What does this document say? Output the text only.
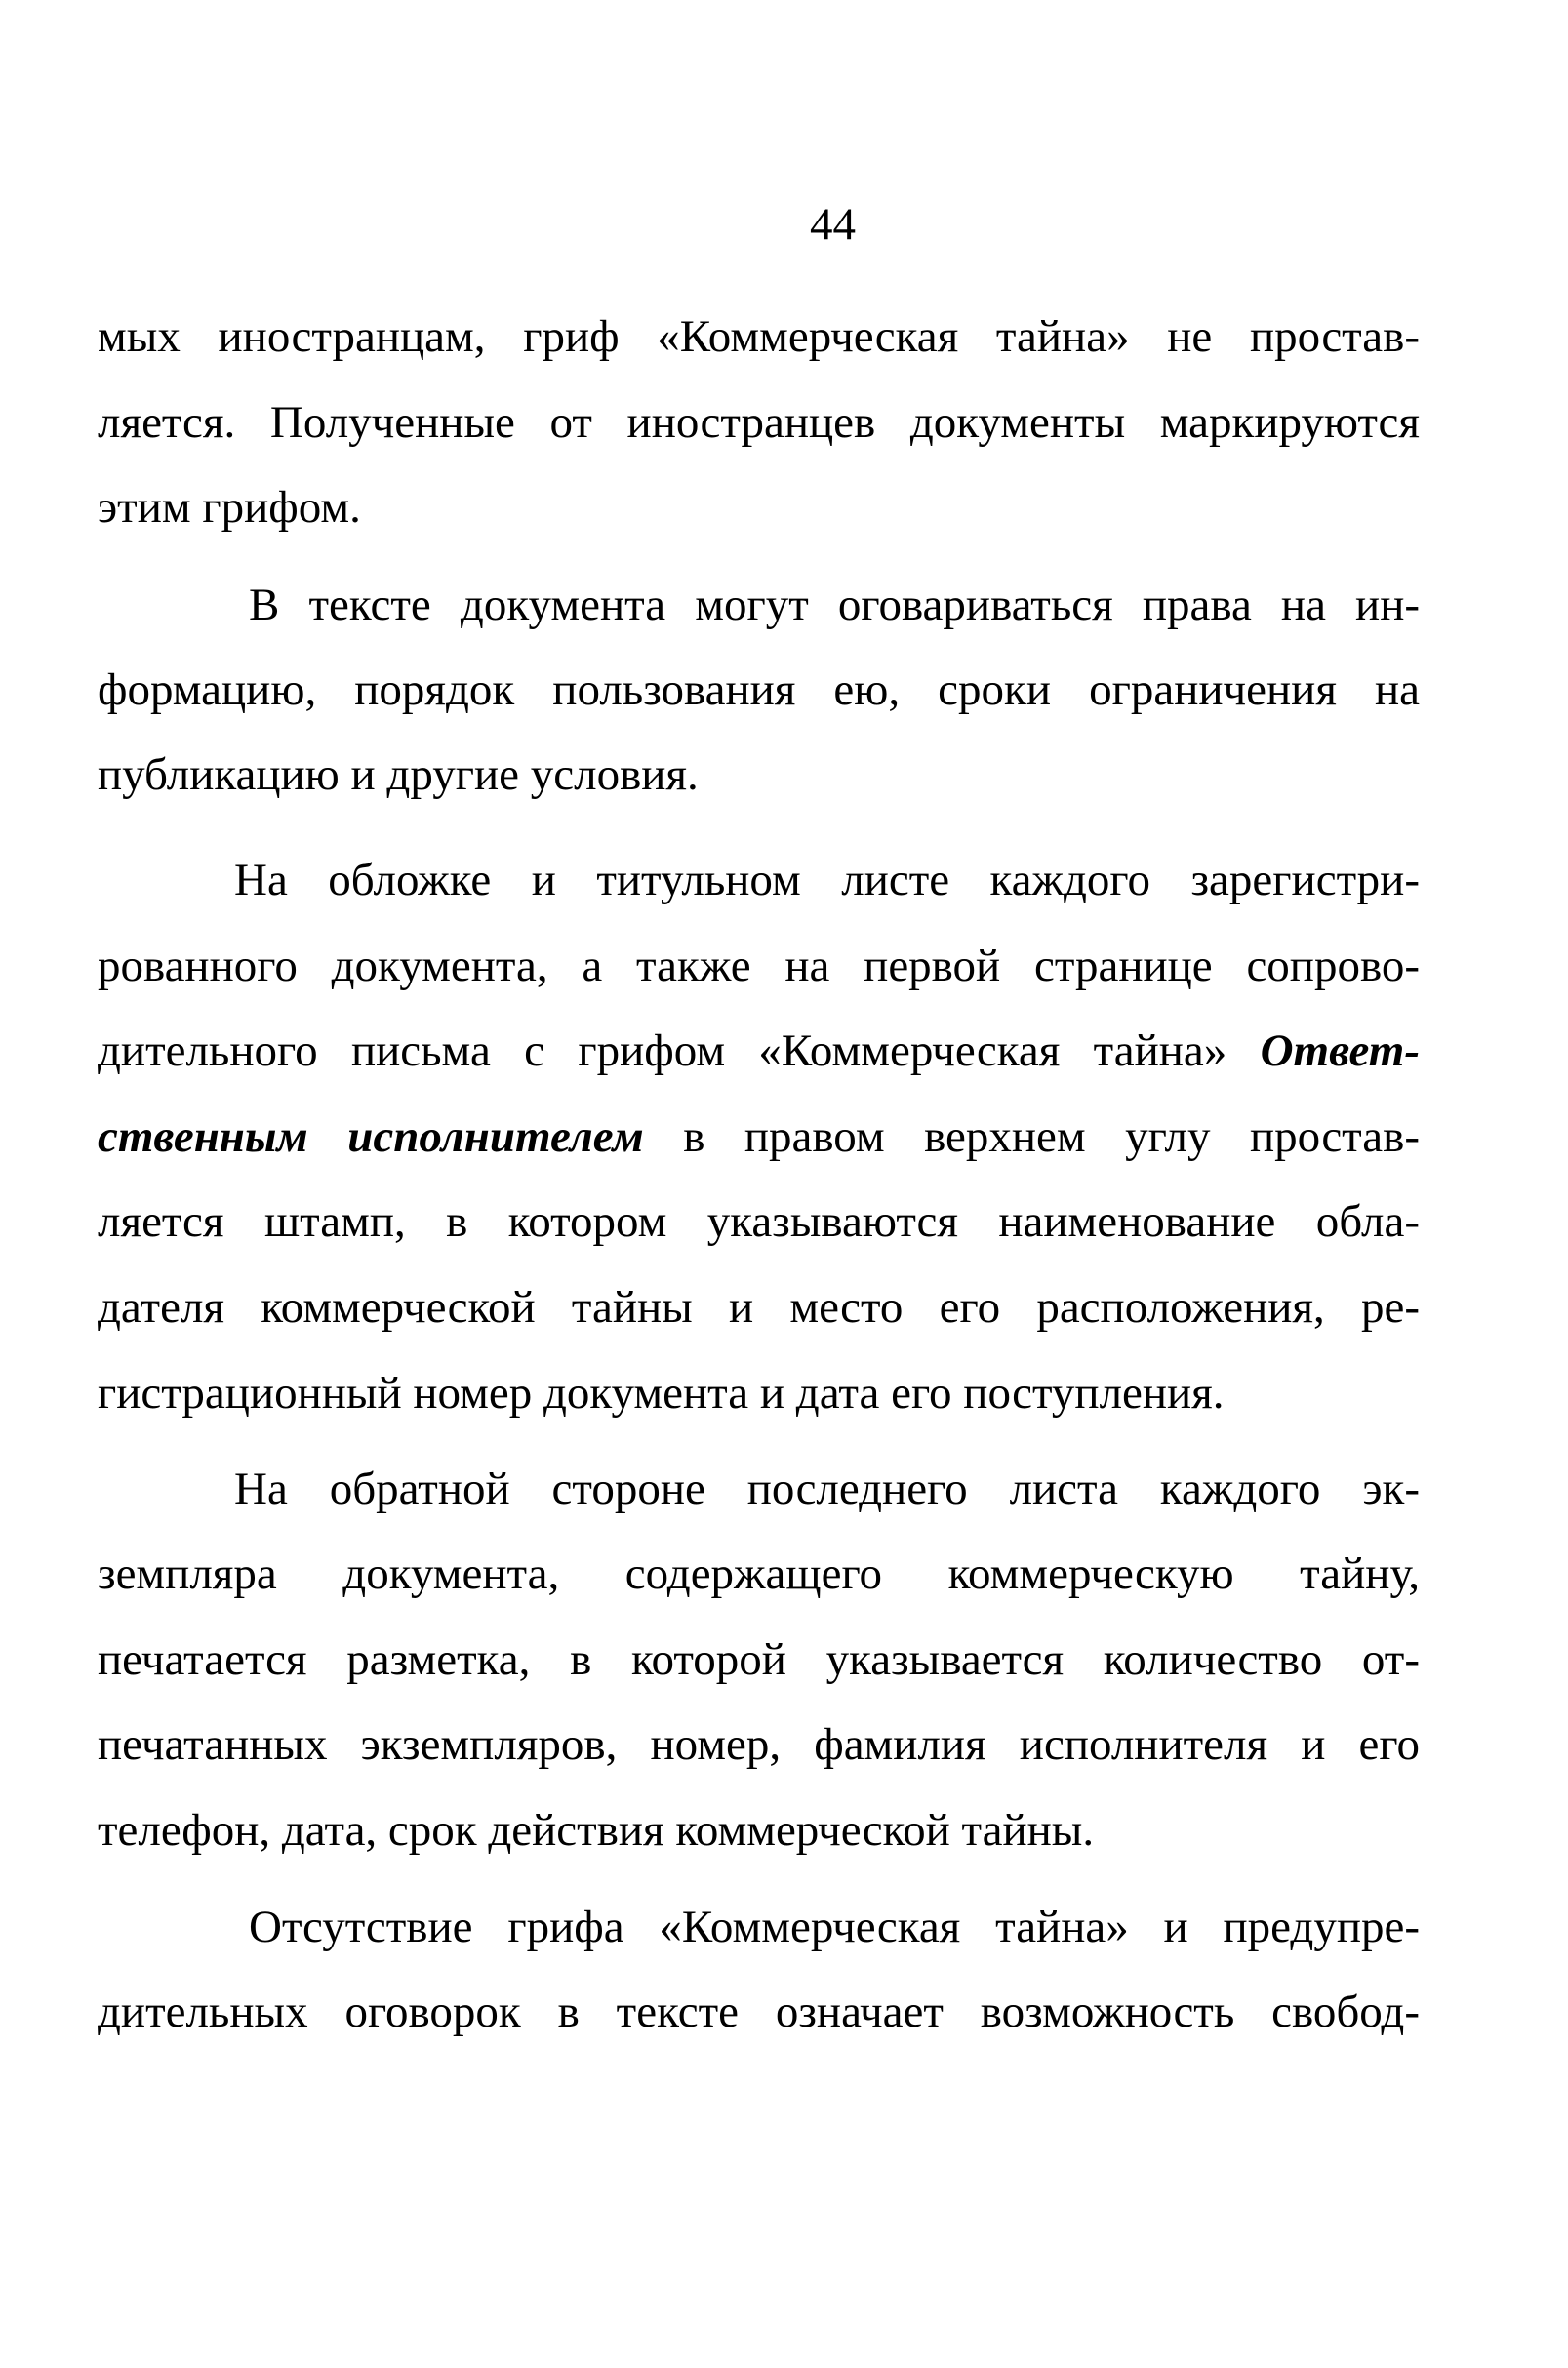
44
мых иностранцам, гриф «Коммерческая тайна» не простав-
ляется. Полученные от иностранцев документы маркируются
этим грифом.
В тексте документа могут оговариваться права на ин-
формацию, порядок пользования ею, сроки ограничения на
публикацию и другие условия.
На обложке и титульном листе каждого зарегистри-
рованного документа, а также на первой странице сопрово-
дительного письма с грифом «Коммерческая тайна» Ответ-
ственным исполнителем в правом верхнем углу простав-
ляется штамп, в котором указываются наименование обла-
дателя коммерческой тайны и место его расположения, ре-
гистрационный номер документа и дата его поступления.
На обратной стороне последнего листа каждого эк-
земпляра документа, содержащего коммерческую тайну,
печатается разметка, в которой указывается количество от-
печатанных экземпляров, номер, фамилия исполнителя и его
телефон, дата, срок действия коммерческой тайны.
Отсутствие грифа «Коммерческая тайна» и предупре-
дительных оговорок в тексте означает возможность свобод-
